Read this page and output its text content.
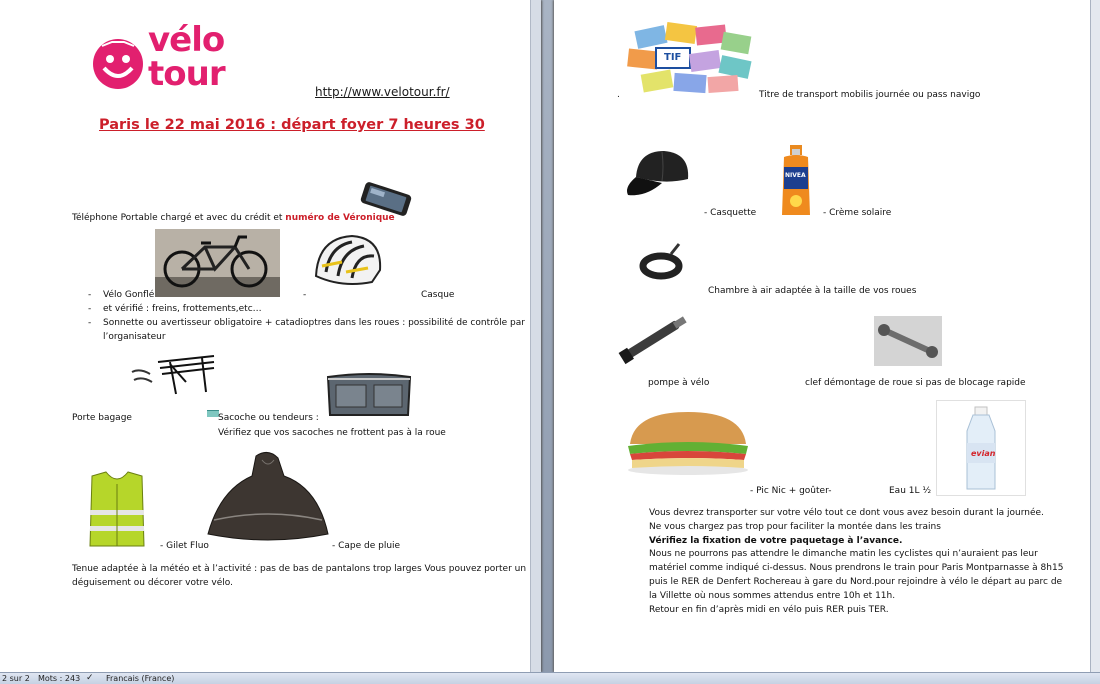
vélo
tour	http://www.velotour.fr/
Paris le 22 mai 2016 : départ foyer 7 heures 30
Téléphone Portable chargé et avec du crédit et numéro de Véronique
- Vélo Gonflé	-	Casque
- et vérifié : freins, frottements,etc…
- Sonnette ou avertisseur obligatoire + catadioptres dans les roues : possibilité de contrôle par
l’organisateur
Porte bagage	Sacoche ou tendeurs :
Vérifiez que vos sacoches ne frottent pas à la roue
- Gilet Fluo	- Cape de pluie
Tenue adaptée à la météo et à l’activité : pas de bas de pantalons trop larges Vous pouvez porter un
déguisement ou décorer votre vélo.
TIF
.	Titre de transport mobilis journée ou pass navigo
- Casquette
NIVEA
- Crème solaire
Chambre à air adaptée à la taille de vos roues
pompe à vélo	clef démontage de roue si pas de blocage rapide
- Pic Nic + goûter-
evian
Eau 1L ½
Vous devrez transporter sur votre vélo tout ce dont vous avez besoin durant la journée.
Ne vous chargez pas trop pour faciliter la montée dans les trains
Vérifiez la fixation de votre paquetage à l’avance.
Nous ne pourrons pas attendre le dimanche matin les cyclistes qui n’auraient pas leur
matériel comme indiqué ci-dessus. Nous prendrons le train pour Paris Montparnasse à 8h15
puis le RER de Denfert Rochereau à gare du Nord.pour rejoindre à vélo le départ au parc de
la Villette où nous sommes attendus entre 10h et 11h.
Retour en fin d’après midi en vélo puis RER puis TER.
2 sur 2 Mots : 243 ✓ Francais (France)
